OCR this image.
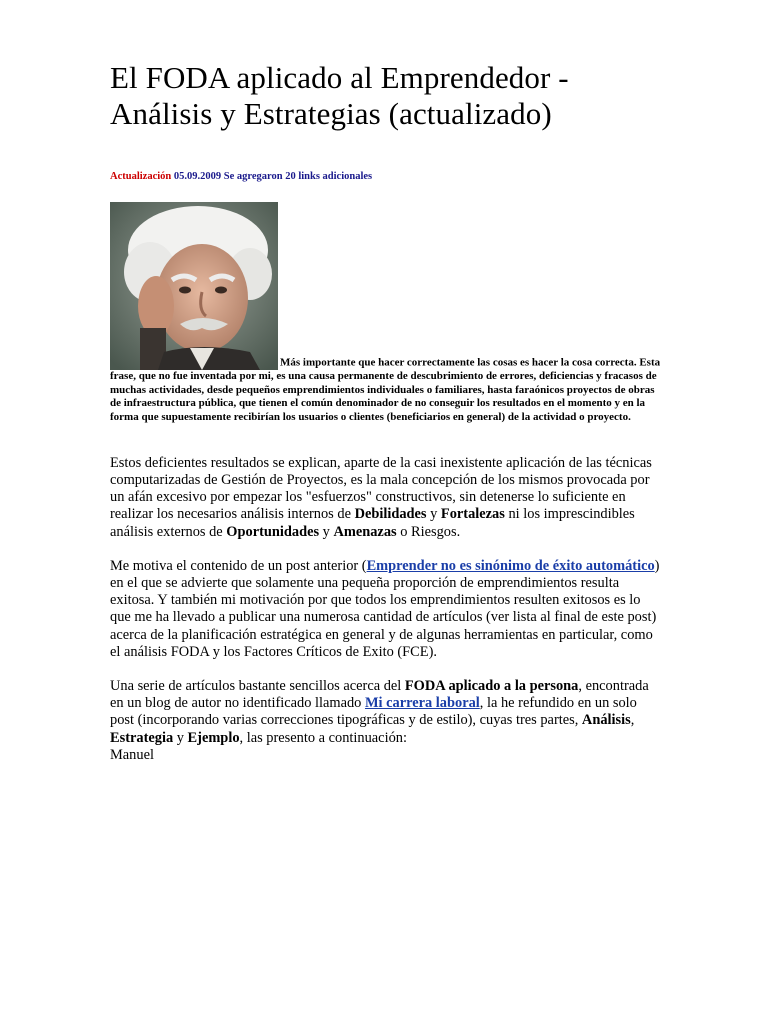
El FODA aplicado al Emprendedor -
Análisis y Estrategias (actualizado)
Actualización 05.09.2009 Se agregaron 20 links adicionales
Más importante que hacer correctamente las cosas es hacer la cosa correcta. Esta frase, que no fue inventada por mi, es una causa permanente de descubrimiento de errores, deficiencias y fracasos de muchas actividades, desde pequeños emprendimientos individuales o familiares, hasta faraónicos proyectos de obras de infraestructura pública, que tienen el común denominador de no conseguir los resultados en el momento y en la forma que supuestamente recibirían los usuarios o clientes (beneficiarios en general) de la actividad o proyecto.

Estos deficientes resultados se explican, aparte de la casi inexistente aplicación de las técnicas computarizadas de Gestión de Proyectos, es la mala concepción de los mismos provocada por un afán excesivo por empezar los "esfuerzos" constructivos, sin detenerse lo suficiente en realizar los necesarios análisis internos de Debilidades y Fortalezas ni los imprescindibles análisis externos de Oportunidades y Amenazas o Riesgos.

Me motiva el contenido de un post anterior (Emprender no es sinónimo de éxito automático) en el que se advierte que solamente una pequeña proporción de emprendimientos resulta exitosa. Y también mi motivación por que todos los emprendimientos resulten exitosos es lo que me ha llevado a publicar una numerosa cantidad de artículos (ver lista al final de este post) acerca de la planificación estratégica en general y de algunas herramientas en particular, como el análisis FODA y los Factores Críticos de Exito (FCE).

Una serie de artículos bastante sencillos acerca del FODA aplicado a la persona, encontrada en un blog de autor no identificado llamado Mi carrera laboral, la he refundido en un solo post (incorporando varias correcciones tipográficas y de estilo), cuyas tres partes, Análisis, Estrategia y Ejemplo, las presento a continuación:
Manuel
